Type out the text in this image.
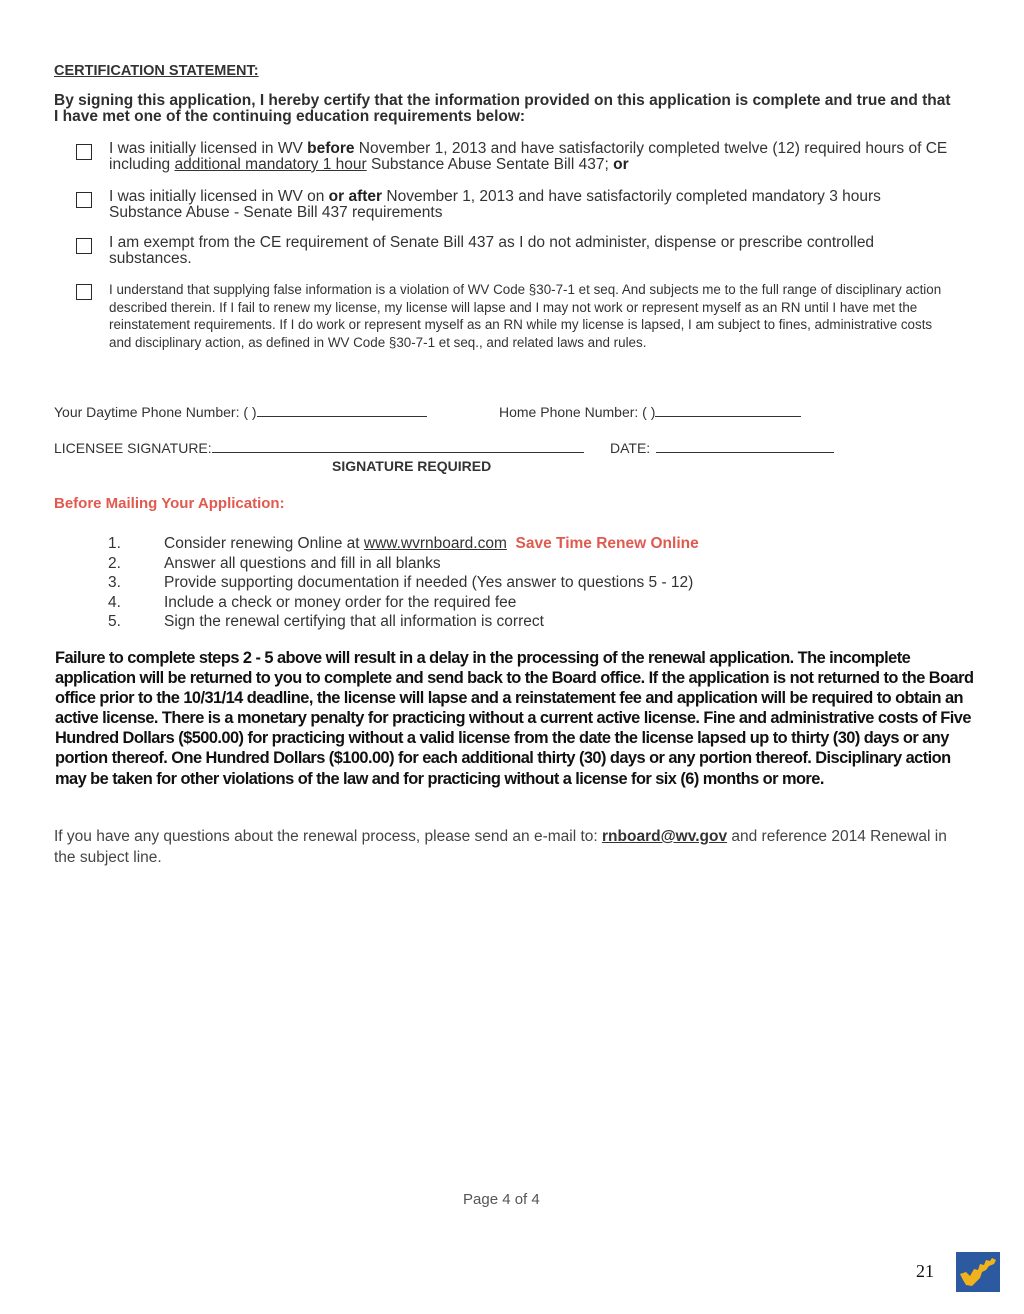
CERTIFICATION STATEMENT:
By signing this application, I hereby certify that the information provided on this application is complete and true and that I have met one of the continuing education requirements below:
I was initially licensed in WV before November 1, 2013 and have satisfactorily completed twelve (12) required hours of CE including additional mandatory 1 hour Substance Abuse Sentate Bill 437; or
I was initially licensed in WV on or after November 1, 2013 and have satisfactorily completed mandatory 3 hours Substance Abuse - Senate Bill 437 requirements
I am exempt from the CE requirement of Senate Bill 437 as I do not administer, dispense or prescribe controlled substances.
I understand that supplying false information is a violation of WV Code §30-7-1 et seq. And subjects me to the full range of disciplinary action described therein. If I fail to renew my license, my license will lapse and I may not work or represent myself as an RN until I have met the reinstatement requirements. If I do work or represent myself as an RN while my license is lapsed, I am subject to fines, administrative costs and disciplinary action, as defined in WV Code §30-7-1 et seq., and related laws and rules.
Your Daytime Phone Number: ( )	Home Phone Number: ( )
LICENSEE SIGNATURE:	DATE:
SIGNATURE REQUIRED
Before Mailing Your Application:
1.	Consider renewing Online at www.wvrnboard.com Save Time Renew Online
2.	Answer all questions and fill in all blanks
3.	Provide supporting documentation if needed (Yes answer to questions 5 - 12)
4.	Include a check or money order for the required fee
5.	Sign the renewal certifying that all information is correct
Failure to complete steps 2 - 5 above will result in a delay in the processing of the renewal application. The incomplete application will be returned to you to complete and send back to the Board office. If the application is not returned to the Board office prior to the 10/31/14 deadline, the license will lapse and a reinstatement fee and application will be required to obtain an active license. There is a monetary penalty for practicing without a current active license. Fine and administrative costs of Five Hundred Dollars ($500.00) for practicing without a valid license from the date the license lapsed up to thirty (30) days or any portion thereof. One Hundred Dollars ($100.00) for each additional thirty (30) days or any portion thereof. Disciplinary action may be taken for other violations of the law and for practicing without a license for six (6) months or more.
If you have any questions about the renewal process, please send an e-mail to: rnboard@wv.gov and reference 2014 Renewal in the subject line.
Page 4 of 4
21
